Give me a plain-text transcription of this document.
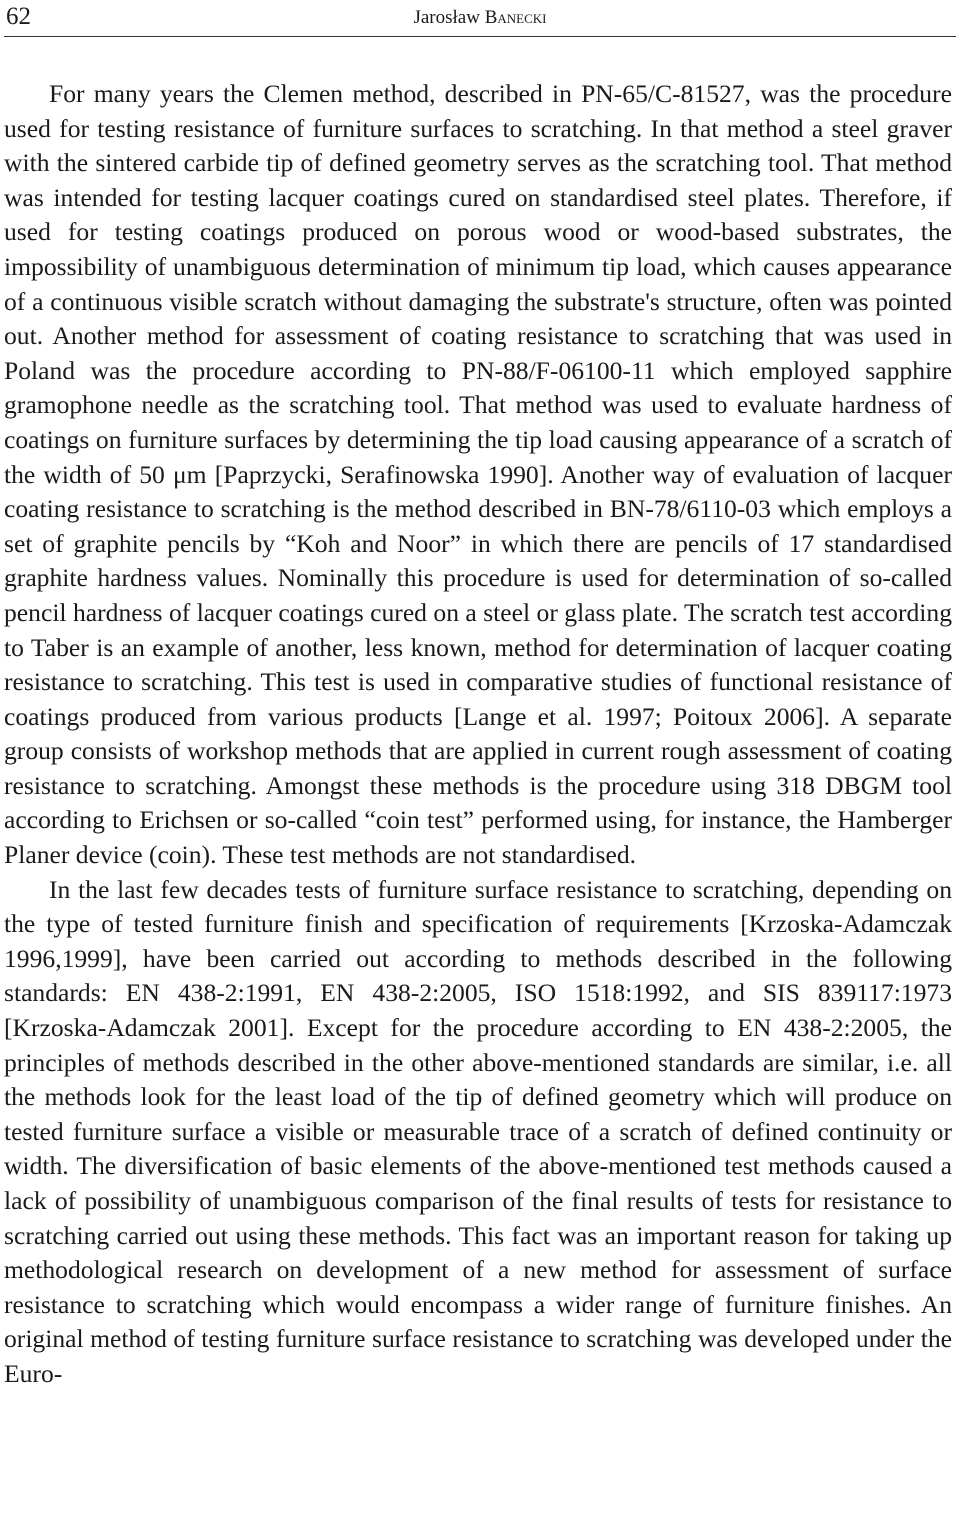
62	Jarosław Banecki

For many years the Clemen method, described in PN-65/C-81527, was the procedure used for testing resistance of furniture surfaces to scratching. In that method a steel graver with the sintered carbide tip of defined geometry serves as the scratching tool. That method was intended for testing lacquer coatings cured on standardised steel plates. Therefore, if used for testing coatings produced on porous wood or wood-based substrates, the impossibility of unambiguous determination of minimum tip load, which causes appearance of a continuous visible scratch without damaging the substrate's structure, often was pointed out. Another method for assessment of coating resistance to scratching that was used in Poland was the procedure according to PN-88/F-06100-11 which employed sapphire gramophone needle as the scratching tool. That method was used to evaluate hardness of coatings on furniture surfaces by determining the tip load causing appearance of a scratch of the width of 50 μm [Paprzycki, Serafinowska 1990]. Another way of evaluation of lacquer coating resistance to scratching is the method described in BN-78/6110-03 which employs a set of graphite pencils by “Koh and Noor” in which there are pencils of 17 standardised graphite hardness values. Nominally this procedure is used for determination of so-called pencil hardness of lacquer coatings cured on a steel or glass plate. The scratch test according to Taber is an example of another, less known, method for determination of lacquer coating resistance to scratching. This test is used in comparative studies of functional resistance of coatings produced from various products [Lange et al. 1997; Poitoux 2006]. A separate group consists of workshop methods that are applied in current rough assessment of coating resistance to scratching. Amongst these methods is the procedure using 318 DBGM tool according to Erichsen or so-called “coin test” performed using, for instance, the Hamberger Planer device (coin). These test methods are not standardised.

In the last few decades tests of furniture surface resistance to scratching, depending on the type of tested furniture finish and specification of requirements [Krzoska-Adamczak 1996,1999], have been carried out according to methods described in the following standards: EN 438-2:1991, EN 438-2:2005, ISO 1518:1992, and SIS 839117:1973 [Krzoska-Adamczak 2001]. Except for the procedure according to EN 438-2:2005, the principles of methods described in the other above-mentioned standards are similar, i.e. all the methods look for the least load of the tip of defined geometry which will produce on tested furniture surface a visible or measurable trace of a scratch of defined continuity or width. The diversification of basic elements of the above-mentioned test methods caused a lack of possibility of unambiguous comparison of the final results of tests for resistance to scratching carried out using these methods. This fact was an important reason for taking up methodological research on development of a new method for assessment of surface resistance to scratching which would encompass a wider range of furniture finishes. An original method of testing furniture surface resistance to scratching was developed under the Euro-
